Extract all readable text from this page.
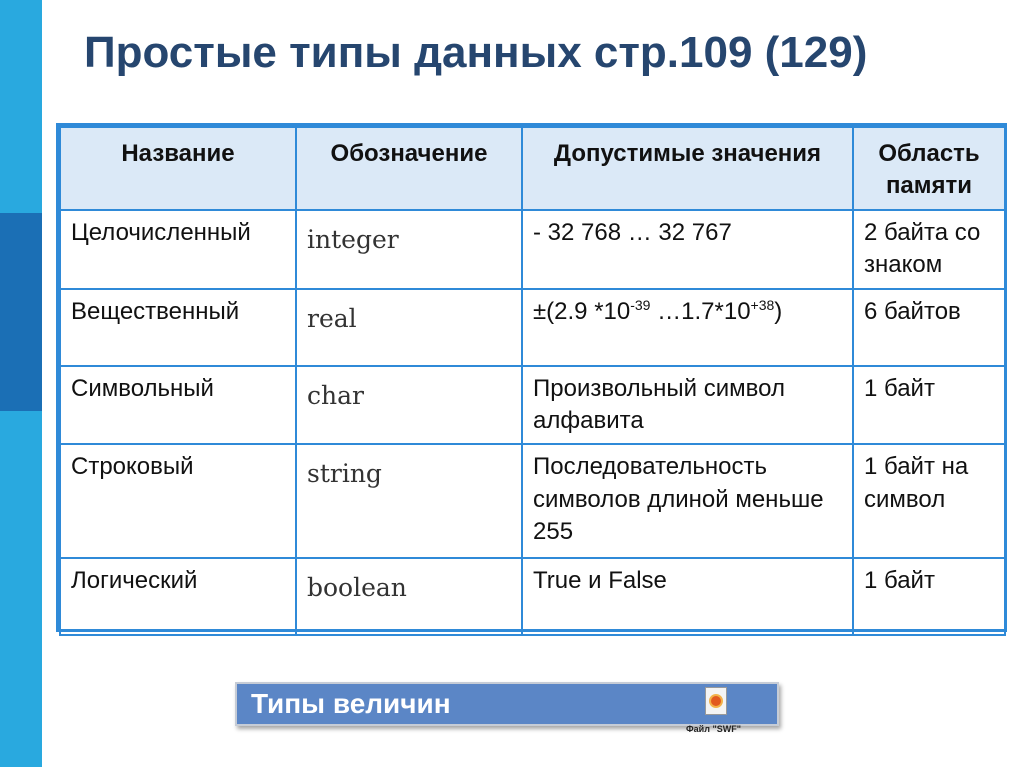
Простые типы данных стр.109 (129)
Название	Обозначение	Допустимые значения	Область памяти
Целочисленный	integer	- 32 768 … 32 767	2 байта со знаком
Вещественный	real	±(2.9 $*10^{-39}$ $\dots 1.7*10^{+38}$)	6 байтов
Символьный	char	Произвольный символ алфавита	1 байт
Строковый	string	Последовательность символов длиной меньше 255	1 байт на символ
Логический	boolean	True и False	1 байт
Типы величин
Файл "SWF"
